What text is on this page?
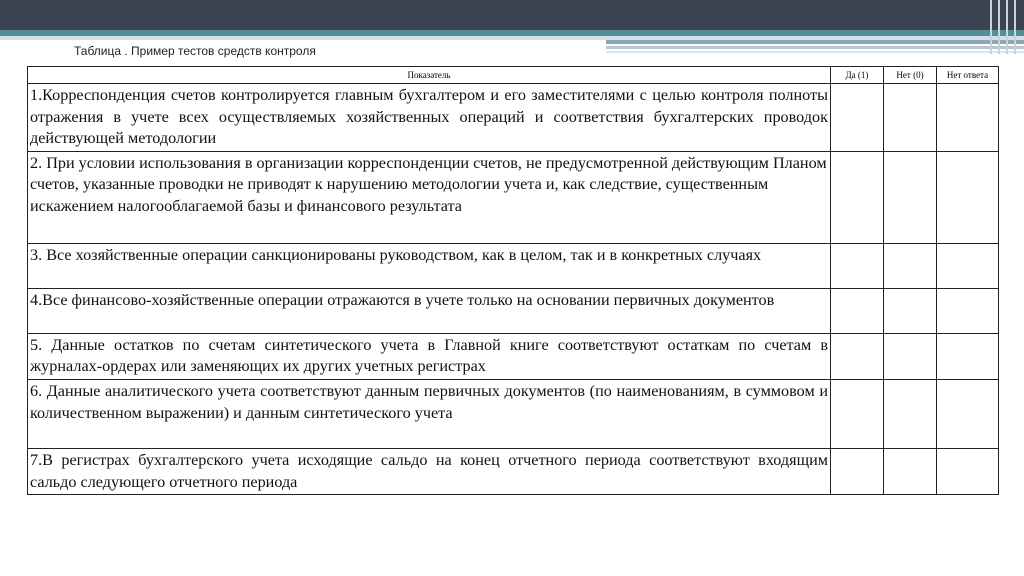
Таблица . Пример тестов средств контроля
Показатель	Да (1)	Нет (0)	Нет ответа
1.Корреспонденция счетов контролируется главным бухгалтером и его заместителями с целью контроля полноты отражения в учете всех осуществляемых хозяйственных операций и соответствия бухгалтерских проводок действующей методологии			
2. При условии использования в организации корреспонденции счетов, не предусмотренной действующим Планом счетов, указанные проводки не приводят к нарушению методологии учета и, как следствие, существенным искажением налогооблагаемой базы и финансового результата			
3. Все хозяйственные операции санкционированы руководством, как в целом, так и в конкретных случаях			
4.Все финансово-хозяйственные операции отражаются в учете только на основании первичных документов			
5. Данные остатков по счетам синтетического учета в Главной книге соответствуют остаткам по счетам в журналах-ордерах или заменяющих их других учетных регистрах			
6. Данные аналитического учета соответствуют данным первичных документов (по наименованиям, в суммовом и количественном выражении) и данным синтетического учета			
7.В регистрах бухгалтерского учета исходящие сальдо на конец отчетного периода соответствуют входящим сальдо следующего отчетного периода			
